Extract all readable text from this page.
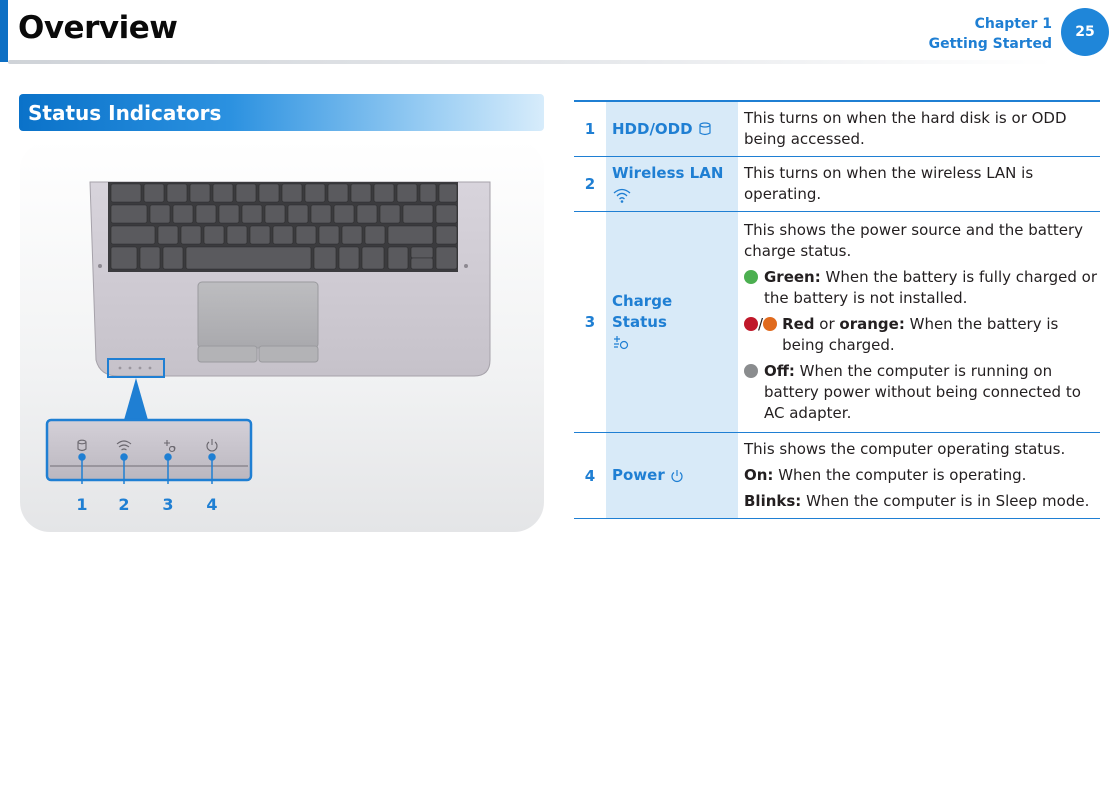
Overview	Chapter 1
Getting Started
25
Status Indicators
1 2 3 4
1	HDD/ODD	This turns on when the hard disk is or ODD being accessed.
2	Wireless LAN	This turns on when the wireless LAN is operating.
3	Charge Status	This shows the power source and the battery charge status.
Green: When the battery is fully charged or the battery is not installed.
/ Red or orange: When the battery is being charged.
Off: When the computer is running on battery power without being connected to AC adapter.

4	Power	This shows the computer operating status.
On: When the computer is operating.
Blinks: When the computer is in Sleep mode.
